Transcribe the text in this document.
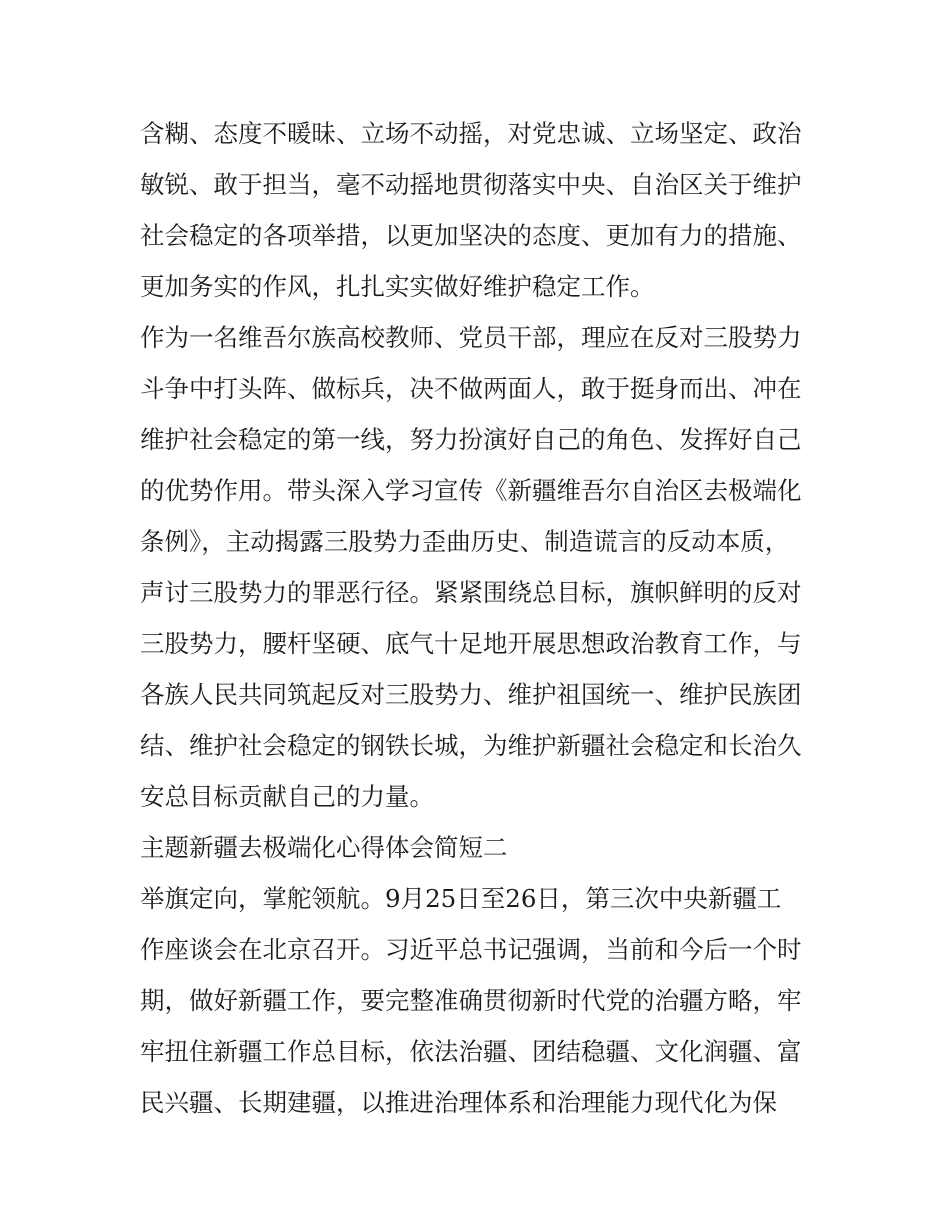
含糊、态度不暖昧、立场不动摇，对党忠诚、立场坚定、政治
敏锐、敢于担当，毫不动摇地贯彻落实中央、自治区关于维护
社会稳定的各项举措，以更加坚决的态度、更加有力的措施、
更加务实的作风，扎扎实实做好维护稳定工作。
作为一名维吾尔族高校教师、党员干部，理应在反对三股势力
斗争中打头阵、做标兵，决不做两面人，敢于挺身而出、冲在
维护社会稳定的第一线，努力扮演好自己的角色、发挥好自己
的优势作用。带头深入学习宣传《新疆维吾尔自治区去极端化
条例》，主动揭露三股势力歪曲历史、制造谎言的反动本质，
声讨三股势力的罪恶行径。紧紧围绕总目标，旗帜鲜明的反对
三股势力，腰杆坚硬、底气十足地开展思想政治教育工作，与
各族人民共同筑起反对三股势力、维护祖国统一、维护民族团
结、维护社会稳定的钢铁长城，为维护新疆社会稳定和长治久
安总目标贡献自己的力量。
主题新疆去极端化心得体会简短二
举旗定向，掌舵领航。9月25日至26日，第三次中央新疆工
作座谈会在北京召开。习近平总书记强调，当前和今后一个时
期，做好新疆工作，要完整准确贯彻新时代党的治疆方略，牢
牢扭住新疆工作总目标，依法治疆、团结稳疆、文化润疆、富
民兴疆、长期建疆，以推进治理体系和治理能力现代化为保
